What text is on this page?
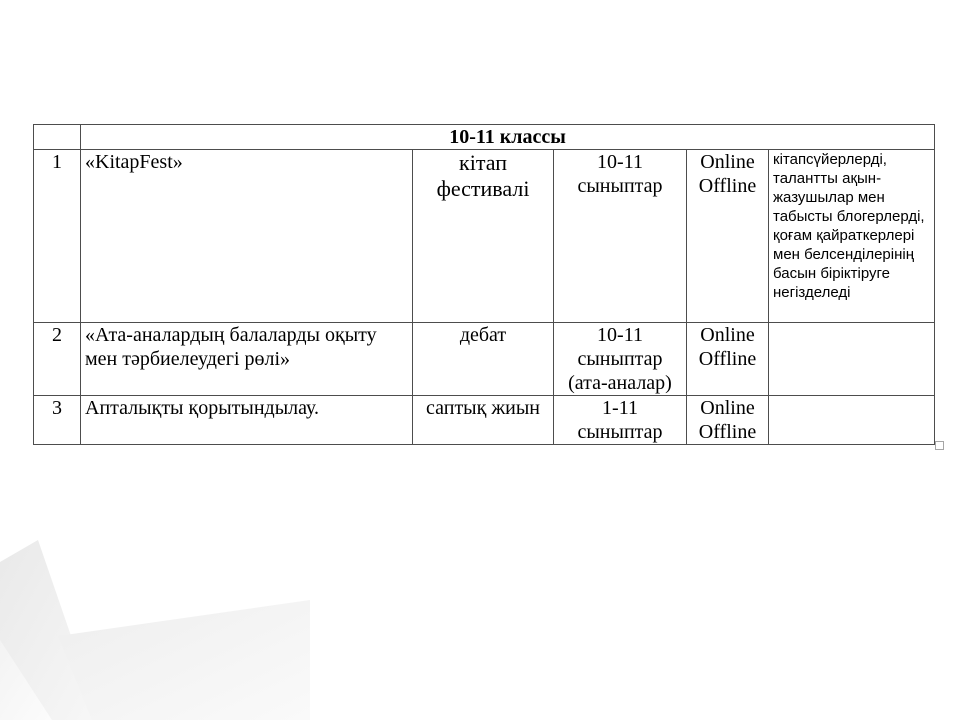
	10-11 классы				
1	«KitapFest»	кітап фестивалі	10-11 сыныптар	Online Offline	кітапсүйерлерді, талантты ақын-жазушылар мен табысты блогерлерді, қоғам қайраткерлері мен белсенділерінің басын біріктіруге негізделеді
2	«Ата-аналардың балаларды оқыту мен тәрбиелеудегі рөлі»	дебат	10-11 сыныптар (ата-аналар)	Online Offline	
3	Апталықты қорытындылау.	саптық жиын	1-11 сыныптар	Online Offline	
